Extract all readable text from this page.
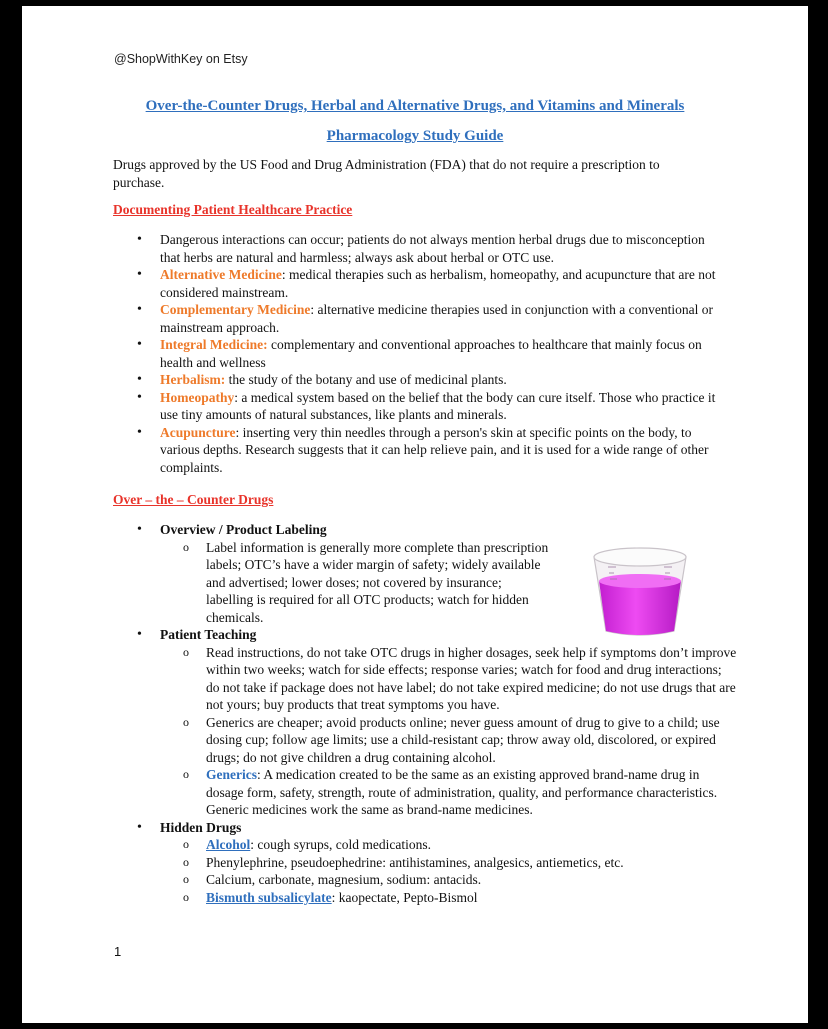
@ShopWithKey on Etsy
Over-the-Counter Drugs, Herbal and Alternative Drugs, and Vitamins and Minerals
Pharmacology Study Guide
Drugs approved by the US Food and Drug Administration (FDA) that do not require a prescription to purchase.
Documenting Patient Healthcare Practice
• Dangerous interactions can occur; patients do not always mention herbal drugs due to misconception that herbs are natural and harmless; always ask about herbal or OTC use.
• Alternative Medicine: medical therapies such as herbalism, homeopathy, and acupuncture that are not considered mainstream.
• Complementary Medicine: alternative medicine therapies used in conjunction with a conventional or mainstream approach.
• Integral Medicine: complementary and conventional approaches to healthcare that mainly focus on health and wellness
• Herbalism: the study of the botany and use of medicinal plants.
• Homeopathy: a medical system based on the belief that the body can cure itself. Those who practice it use tiny amounts of natural substances, like plants and minerals.
• Acupuncture: inserting very thin needles through a person's skin at specific points on the body, to various depths. Research suggests that it can help relieve pain, and it is used for a wide range of other complaints.
Over – the – Counter Drugs
• Overview / Product Labeling
o Label information is generally more complete than prescription labels; OTC’s have a wider margin of safety; widely available and advertised; lower doses; not covered by insurance; labelling is required for all OTC products; watch for hidden chemicals.
• Patient Teaching
o Read instructions, do not take OTC drugs in higher dosages, seek help if symptoms don’t improve within two weeks; watch for side effects; response varies; watch for food and drug interactions; do not take if package does not have label; do not take expired medicine; do not use drugs that are not yours; buy products that treat symptoms you have.
o Generics are cheaper; avoid products online; never guess amount of drug to give to a child; use dosing cup; follow age limits; use a child-resistant cap; throw away old, discolored, or expired drugs; do not give children a drug containing alcohol.
o Generics: A medication created to be the same as an existing approved brand-name drug in dosage form, safety, strength, route of administration, quality, and performance characteristics. Generic medicines work the same as brand-name medicines.
• Hidden Drugs
o Alcohol: cough syrups, cold medications.
o Phenylephrine, pseudoephedrine: antihistamines, analgesics, antiemetics, etc.
o Calcium, carbonate, magnesium, sodium: antacids.
o Bismuth subsalicylate: kaopectate, Pepto-Bismol
1
